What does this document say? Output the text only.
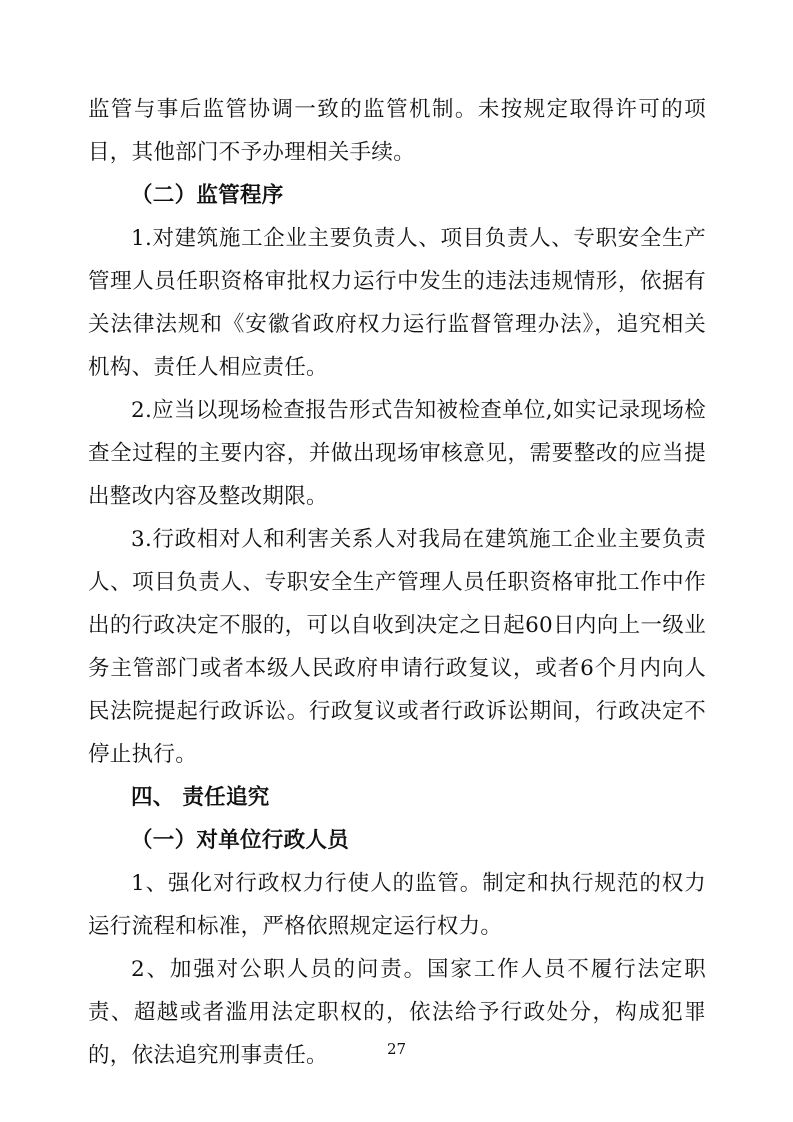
监管与事后监管协调一致的监管机制。未按规定取得许可的项目，其他部门不予办理相关手续。

（二）监管程序

1.对建筑施工企业主要负责人、项目负责人、专职安全生产管理人员任职资格审批权力运行中发生的违法违规情形，依据有关法律法规和《安徽省政府权力运行监督管理办法》，追究相关机构、责任人相应责任。

2.应当以现场检查报告形式告知被检查单位,如实记录现场检查全过程的主要内容，并做出现场审核意见，需要整改的应当提出整改内容及整改期限。

3.行政相对人和利害关系人对我局在建筑施工企业主要负责人、项目负责人、专职安全生产管理人员任职资格审批工作中作出的行政决定不服的，可以自收到决定之日起60日内向上一级业务主管部门或者本级人民政府申请行政复议，或者6个月内向人民法院提起行政诉讼。行政复议或者行政诉讼期间，行政决定不停止执行。

四、 责任追究

（一）对单位行政人员

1、强化对行政权力行使人的监管。制定和执行规范的权力运行流程和标准，严格依照规定运行权力。

2、加强对公职人员的问责。国家工作人员不履行法定职责、超越或者滥用法定职权的，依法给予行政处分，构成犯罪的，依法追究刑事责任。	27
